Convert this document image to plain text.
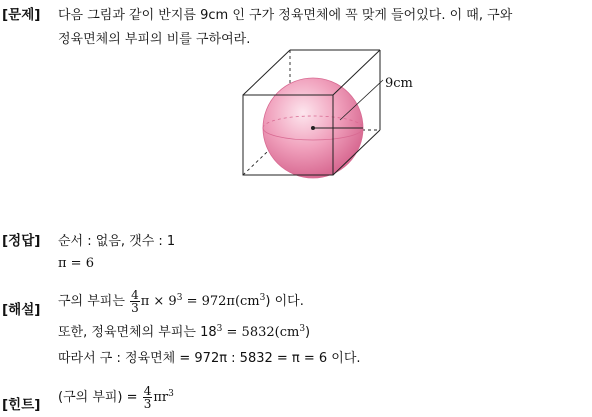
[문제] 다음 그림과 같이 반지름 9cm 인 구가 정육면체에 꼭 맞게 들어있다. 이 때, 구와
정육면체의 부피의 비를 구하여라.
9cm
[정답] 순서 : 없음, 갯수 : 1
π = 6
[해설]
구의 부피는 $\frac{4}{3}$ $\pi \times 9^3 = 972\pi(cm^3)$ 이다.
또한, 정육면체의 부피는 $18^3 = 5832(cm^3)$
따라서 구 : 정육면체 = 972π : 5832 = π = 6 이다.
[힌트] (구의 부피) = $\frac{4}{3} \pi r^3$
